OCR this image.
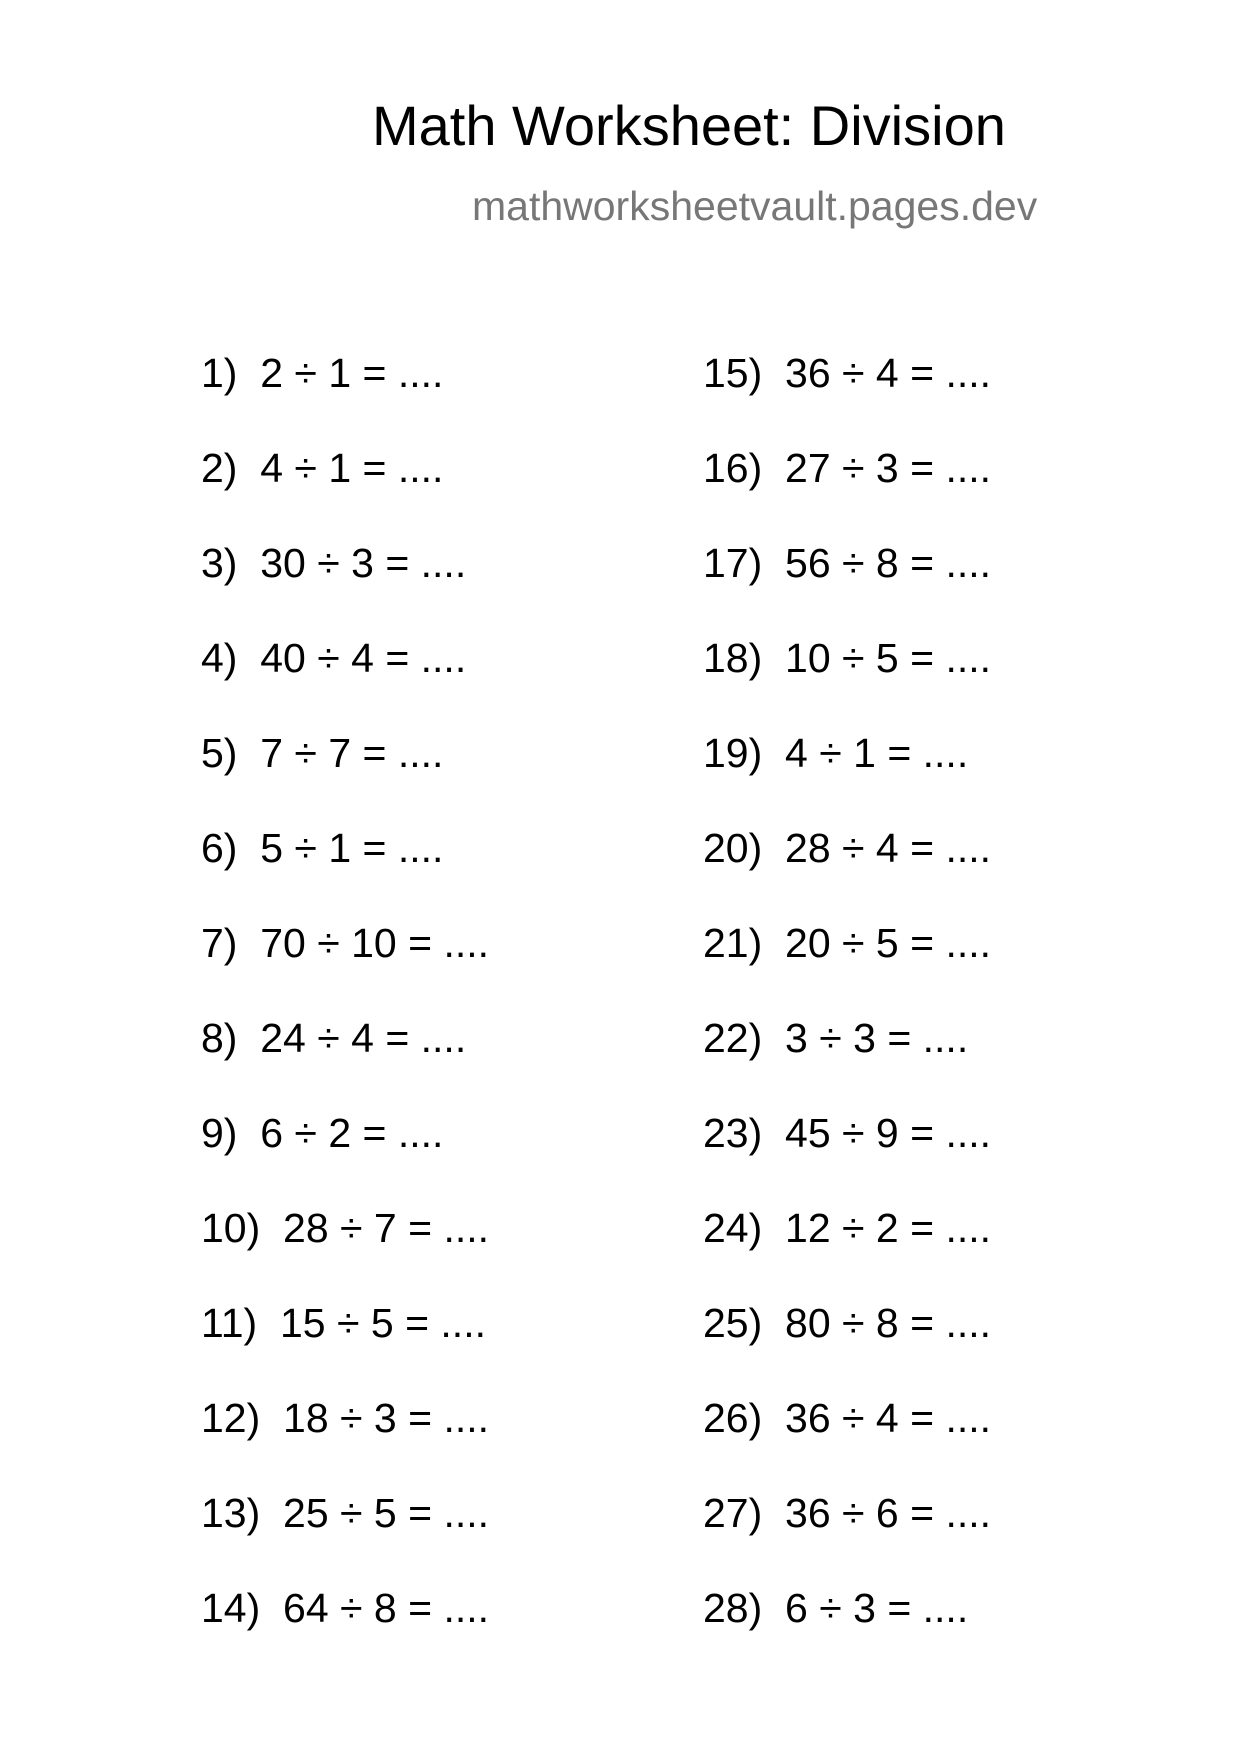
Math Worksheet: Division
mathworksheetvault.pages.dev
1)  2 ÷ 1 = ....
2)  4 ÷ 1 = ....
3)  30 ÷ 3 = ....
4)  40 ÷ 4 = ....
5)  7 ÷ 7 = ....
6)  5 ÷ 1 = ....
7)  70 ÷ 10 = ....
8)  24 ÷ 4 = ....
9)  6 ÷ 2 = ....
10)  28 ÷ 7 = ....
11)  15 ÷ 5 = ....
12)  18 ÷ 3 = ....
13)  25 ÷ 5 = ....
14)  64 ÷ 8 = ....
15)  36 ÷ 4 = ....
16)  27 ÷ 3 = ....
17)  56 ÷ 8 = ....
18)  10 ÷ 5 = ....
19)  4 ÷ 1 = ....
20)  28 ÷ 4 = ....
21)  20 ÷ 5 = ....
22)  3 ÷ 3 = ....
23)  45 ÷ 9 = ....
24)  12 ÷ 2 = ....
25)  80 ÷ 8 = ....
26)  36 ÷ 4 = ....
27)  36 ÷ 6 = ....
28)  6 ÷ 3 = ....
